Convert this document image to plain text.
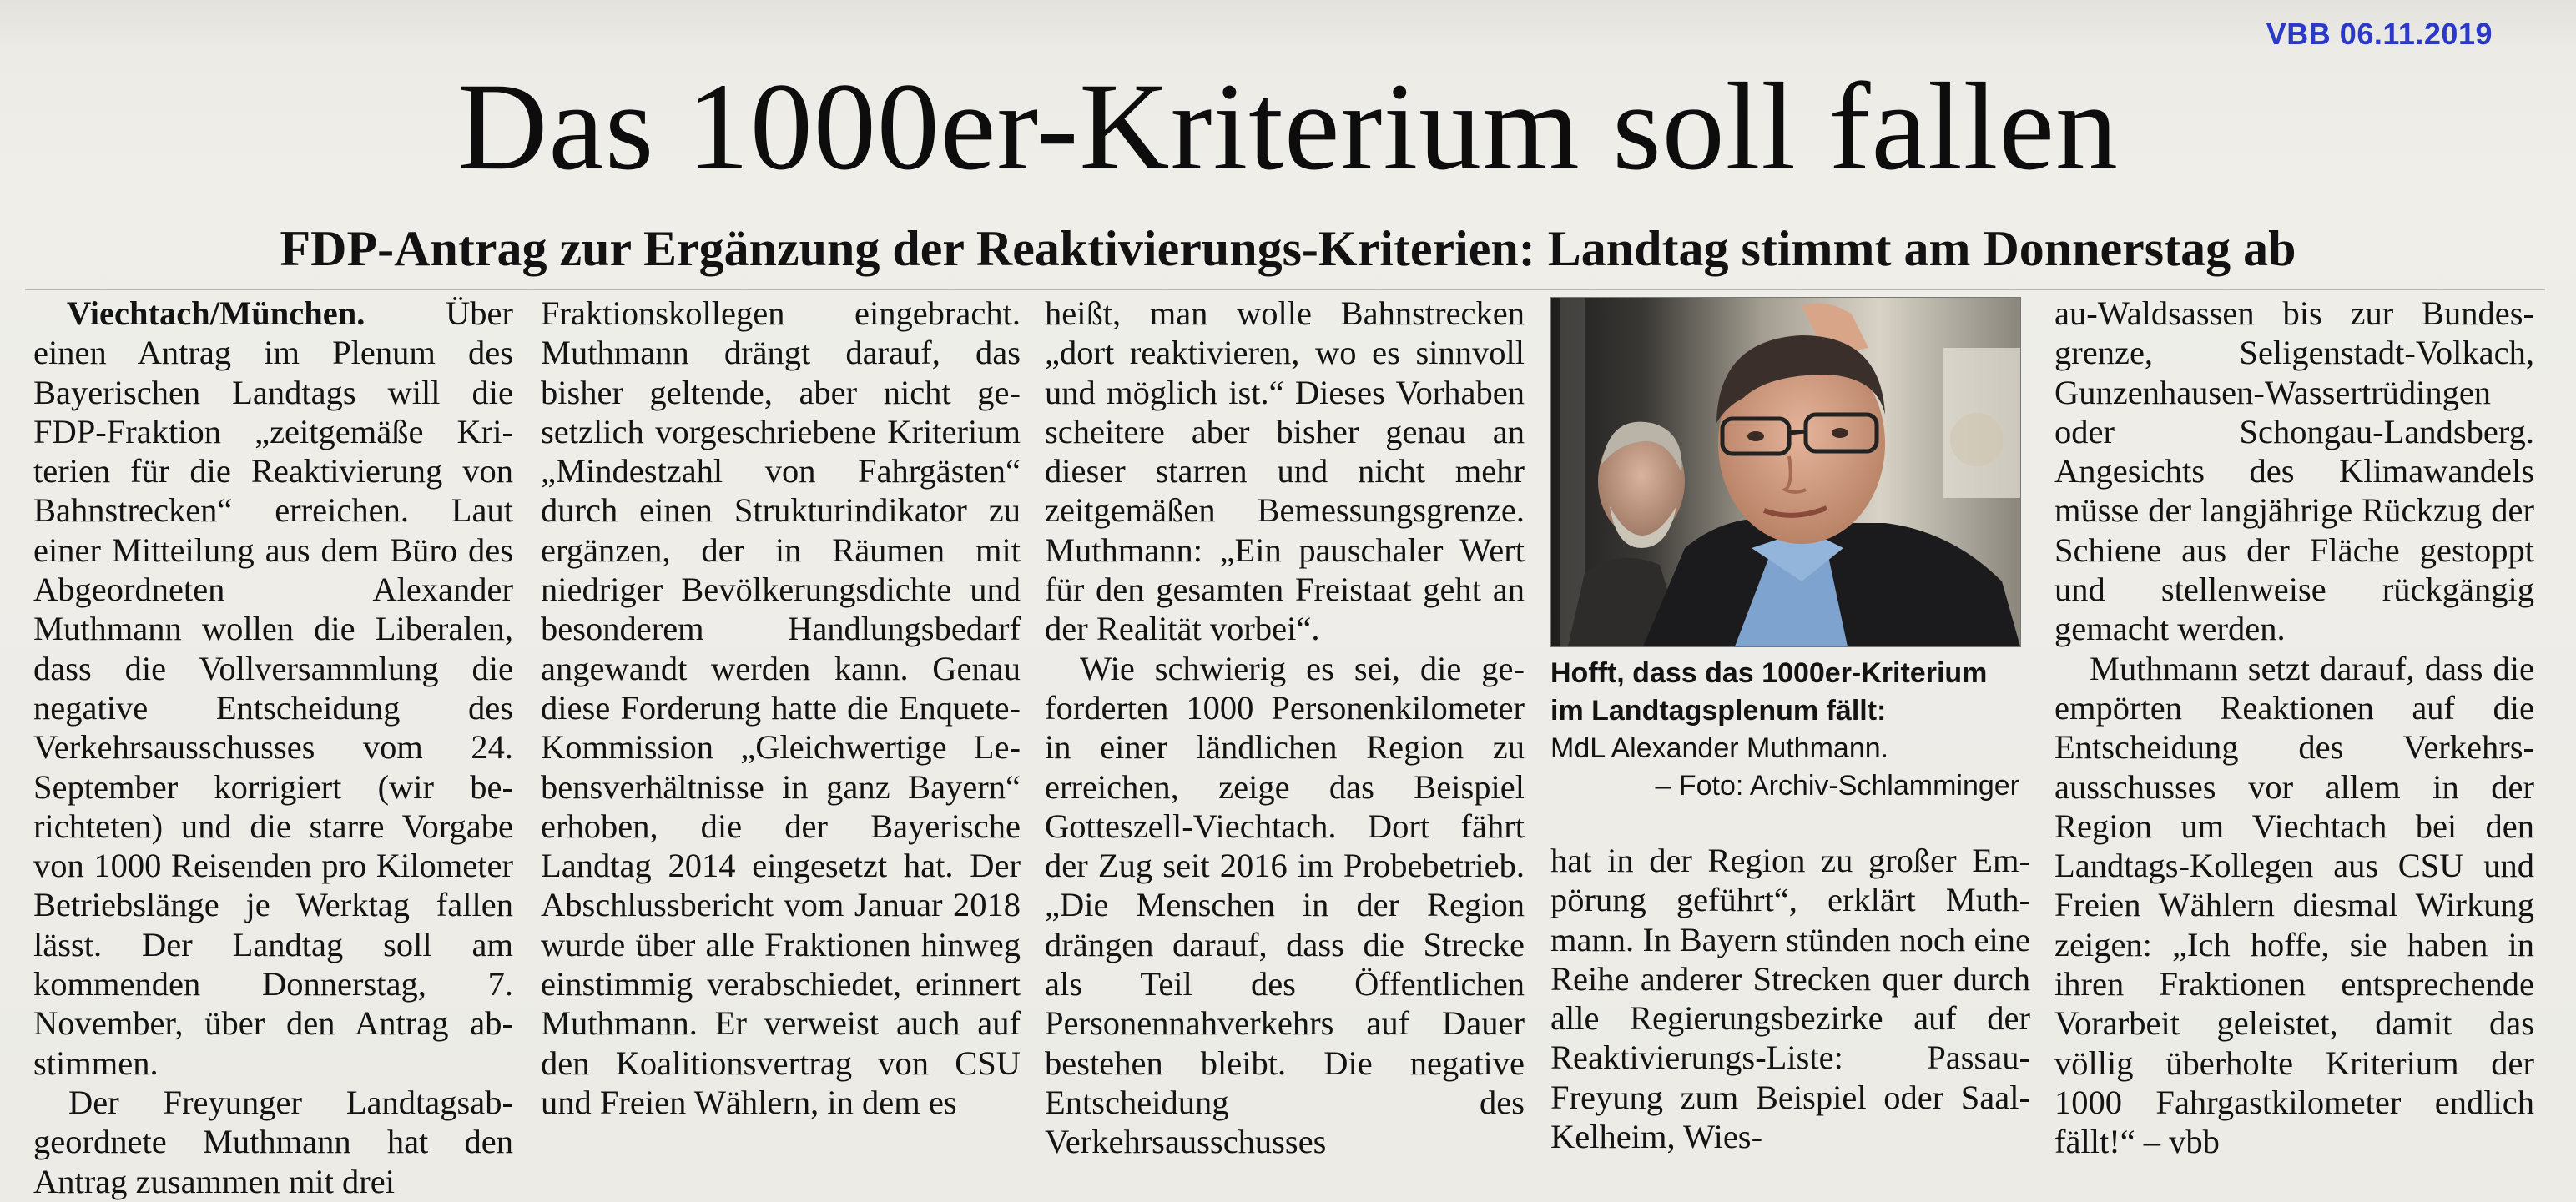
VBB 06.11.2019
Das 1000er-Kriterium soll fallen
FDP-Antrag zur Ergänzung der Reaktivierungs-Kriterien: Landtag stimmt am Donnerstag ab

Viechtach/München. Über einen Antrag im Plenum des Bayerischen Landtags will die FDP-Fraktion „zeitgemäße Kriterien für die Reaktivierung von Bahnstrecken“ erreichen. Laut einer Mitteilung aus dem Büro des Abgeordneten Alexander Muthmann wollen die Liberalen, dass die Vollversammlung die negative Entscheidung des Verkehrsausschusses vom 24. September korrigiert (wir berichteten) und die starre Vorgabe von 1000 Reisenden pro Kilometer Betriebslänge je Werktag fallen lässt. Der Landtag soll am kommenden Donnerstag, 7. November, über den Antrag abstimmen.

Der Freyunger Landtagsabgeordnete Muthmann hat den Antrag zusammen mit drei

Fraktionskollegen eingebracht. Muthmann drängt darauf, das bisher geltende, aber nicht gesetzlich vorgeschriebene Kriterium „Mindestzahl von Fahrgästen“ durch einen Strukturindikator zu ergänzen, der in Räumen mit niedriger Bevölkerungsdichte und besonderem Handlungsbedarf angewandt werden kann. Genau diese Forderung hatte die Enquete-Kommission „Gleichwertige Lebensverhältnisse in ganz Bayern“ erhoben, die der Bayerische Landtag 2014 eingesetzt hat. Der Abschlussbericht vom Januar 2018 wurde über alle Fraktionen hinweg einstimmig verabschiedet, erinnert Muthmann. Er verweist auch auf den Koalitionsvertrag von CSU und Freien Wählern, in dem es

heißt, man wolle Bahnstrecken „dort reaktivieren, wo es sinnvoll und möglich ist.“ Dieses Vorhaben scheitere aber bisher genau an dieser starren und nicht mehr zeitgemäßen Bemessungsgrenze. Muthmann: „Ein pauschaler Wert für den gesamten Freistaat geht an der Realität vorbei“.

Wie schwierig es sei, die geforderten 1000 Personenkilometer in einer ländlichen Region zu erreichen, zeige das Beispiel Gotteszell-Viechtach. Dort fährt der Zug seit 2016 im Probebetrieb. „Die Menschen in der Region drängen darauf, dass die Strecke als Teil des Öffentlichen Personennahverkehrs auf Dauer bestehen bleibt. Die negative Entscheidung des Verkehrsausschusses

Hofft, dass das 1000er-Kriterium im Landtagsplenum fällt:
MdL Alexander Muthmann.
– Foto: Archiv-Schlamminger

hat in der Region zu großer Empörung geführt“, erklärt Muthmann. In Bayern stünden noch eine Reihe anderer Strecken quer durch alle Regierungsbezirke auf der Reaktivierungs-Liste: Passau-Freyung zum Beispiel oder Saal-Kelheim, Wies-

au-Waldsassen bis zur Bundesgrenze, Seligenstadt-Volkach, Gunzenhausen-Wassertrüdingen oder Schongau-Landsberg. Angesichts des Klimawandels müsse der langjährige Rückzug der Schiene aus der Fläche gestoppt und stellenweise rückgängig gemacht werden.

Muthmann setzt darauf, dass die empörten Reaktionen auf die Entscheidung des Verkehrsausschusses vor allem in der Region um Viechtach bei den Landtags-Kollegen aus CSU und Freien Wählern diesmal Wirkung zeigen: „Ich hoffe, sie haben in ihren Fraktionen entsprechende Vorarbeit geleistet, damit das völlig überholte Kriterium der 1000 Fahrgastkilometer endlich fällt!“ – vbb
